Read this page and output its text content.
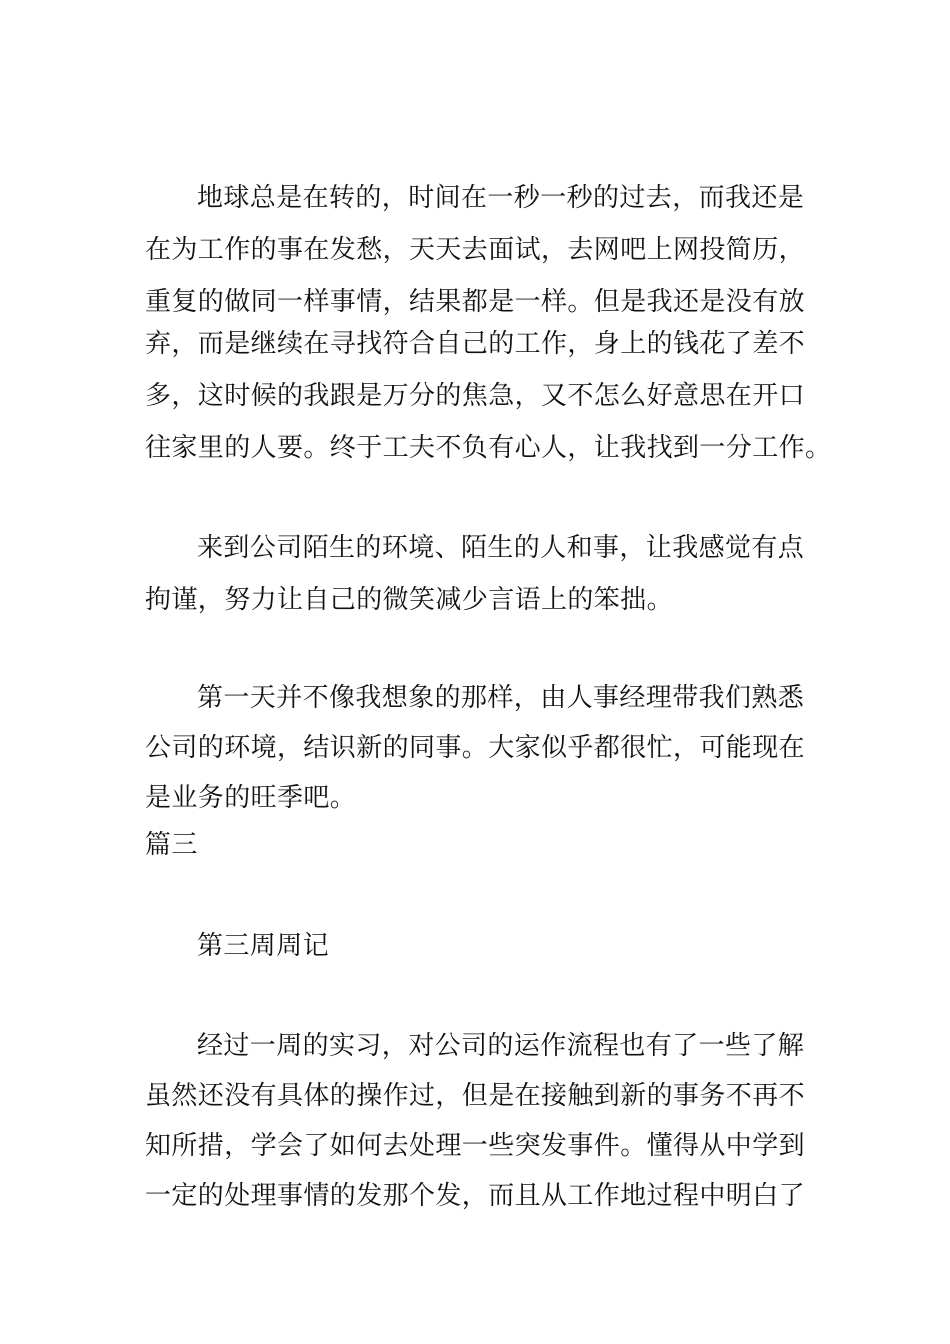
地球总是在转的，时间在一秒一秒的过去，而我还是
在为工作的事在发愁，天天去面试，去网吧上网投简历，
重复的做同一样事情，结果都是一样。但是我还是没有放
弃，而是继续在寻找符合自己的工作，身上的钱花了差不
多，这时候的我跟是万分的焦急，又不怎么好意思在开口
往家里的人要。终于工夫不负有心人，让我找到一分工作。
来到公司陌生的环境、陌生的人和事，让我感觉有点
拘谨，努力让自己的微笑减少言语上的笨拙。
第一天并不像我想象的那样，由人事经理带我们熟悉
公司的环境，结识新的同事。大家似乎都很忙，可能现在
是业务的旺季吧。
篇三
第三周周记
经过一周的实习，对公司的运作流程也有了一些了解
虽然还没有具体的操作过，但是在接触到新的事务不再不
知所措，学会了如何去处理一些突发事件。懂得从中学到
一定的处理事情的发那个发，而且从工作地过程中明白了
